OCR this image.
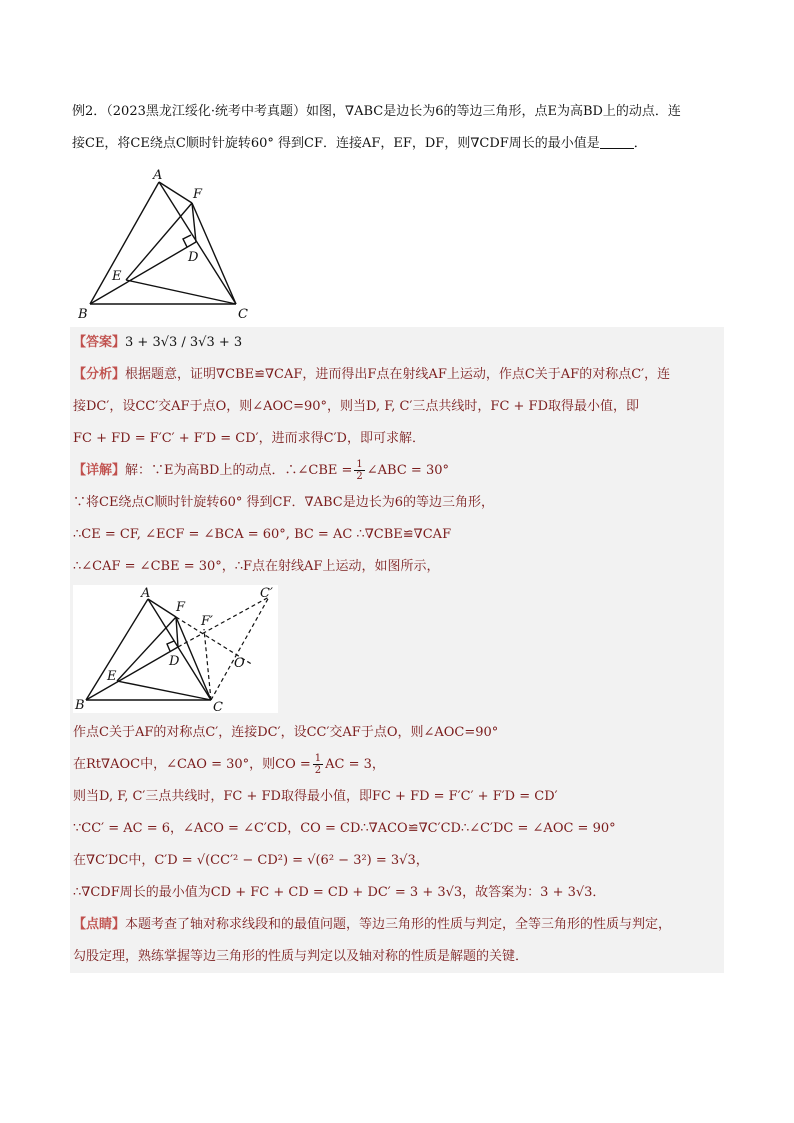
例2．（2023黑龙江绥化·统考中考真题）如图，∇ABC是边长为6的等边三角形，点E为高BD上的动点．连

接CE，将CE绕点C顺时针旋转60° 得到CF．连接AF，EF，DF，则∇CDF周长的最小值是	．

A
F
D
E
B	C
【答案】3 + 3√3 / 3√3 + 3
【分析】根据题意，证明∇CBE≌∇CAF，进而得出F点在射线AF上运动，作点C关于AF的对称点C′，连
接DC′，设CC′交AF于点O，则∠AOC=90°，则当D, F, C′三点共线时，FC + FD取得最小值，即
FC + FD = F′C′ + F′D = CD′，进而求得C′D，即可求解．
【详解】解：∵E为高BD上的动点．∴∠CBE = $\frac{1}{2}$ ∠ABC = 30°
∵将CE绕点C顺时针旋转60° 得到CF．∇ABC是边长为6的等边三角形，
∴CE = CF, ∠ECF = ∠BCA = 60°, BC = AC ∴∇CBE≌∇CAF
∴∠CAF = ∠CBE = 30°，∴F点在射线AF上运动，如图所示，
A
F
F′
C′
D	O
E
B	C
作点C关于AF的对称点C′，连接DC′，设CC′交AF于点O，则∠AOC=90°
在Rt∇AOC中，∠CAO = 30°，则CO = $\frac{1}{2}$ AC = 3，
则当D, F, C′三点共线时，FC + FD取得最小值，即FC + FD = F′C′ + F′D = CD′
∵CC′ = AC = 6，∠ACO = ∠C′CD，CO = CD∴∇ACO≌∇C′CD∴∠C′DC = ∠AOC = 90°
在∇C′DC中，C′D = √(CC′² − CD²) = √(6² − 3²) = 3√3，
∴∇CDF周长的最小值为CD + FC + CD = CD + DC′ = 3 + 3√3，故答案为：3 + 3√3．
【点睛】本题考查了轴对称求线段和的最值问题，等边三角形的性质与判定，全等三角形的性质与判定，
勾股定理，熟练掌握等边三角形的性质与判定以及轴对称的性质是解题的关键．
